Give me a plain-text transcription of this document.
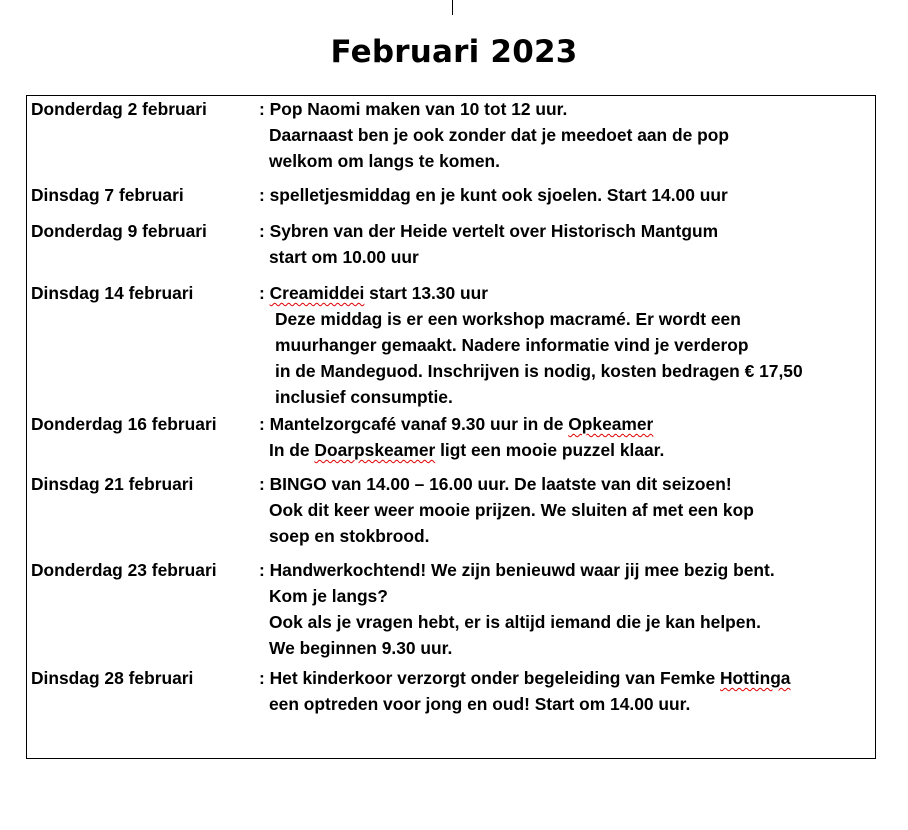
Februari 2023
Donderdag 2 februari	: Pop Naomi maken van 10 tot 12 uur.
Daarnaast ben je ook zonder dat je meedoet aan de pop
welkom om langs te komen.
Dinsdag 7 februari	: spelletjesmiddag en je kunt ook sjoelen. Start 14.00 uur
Donderdag 9 februari	: Sybren van der Heide vertelt over Historisch Mantgum
start om 10.00 uur
Dinsdag 14 februari	: Creamiddei start 13.30 uur
Deze middag is er een workshop macramé. Er wordt een
muurhanger gemaakt. Nadere informatie vind je verderop
in de Mandeguod. Inschrijven is nodig, kosten bedragen € 17,50
inclusief consumptie.
Donderdag 16 februari : Mantelzorgcafé vanaf 9.30 uur in de Opkeamer
In de Doarpskeamer ligt een mooie puzzel klaar.
Dinsdag 21 februari	: BINGO van 14.00 – 16.00 uur. De laatste van dit seizoen!
Ook dit keer weer mooie prijzen. We sluiten af met een kop
soep en stokbrood.
Donderdag 23 februari : Handwerkochtend! We zijn benieuwd waar jij mee bezig bent.
Kom je langs?
Ook als je vragen hebt, er is altijd iemand die je kan helpen.
We beginnen 9.30 uur.
Dinsdag 28 februari	: Het kinderkoor verzorgt onder begeleiding van Femke Hottinga
een optreden voor jong en oud! Start om 14.00 uur.
